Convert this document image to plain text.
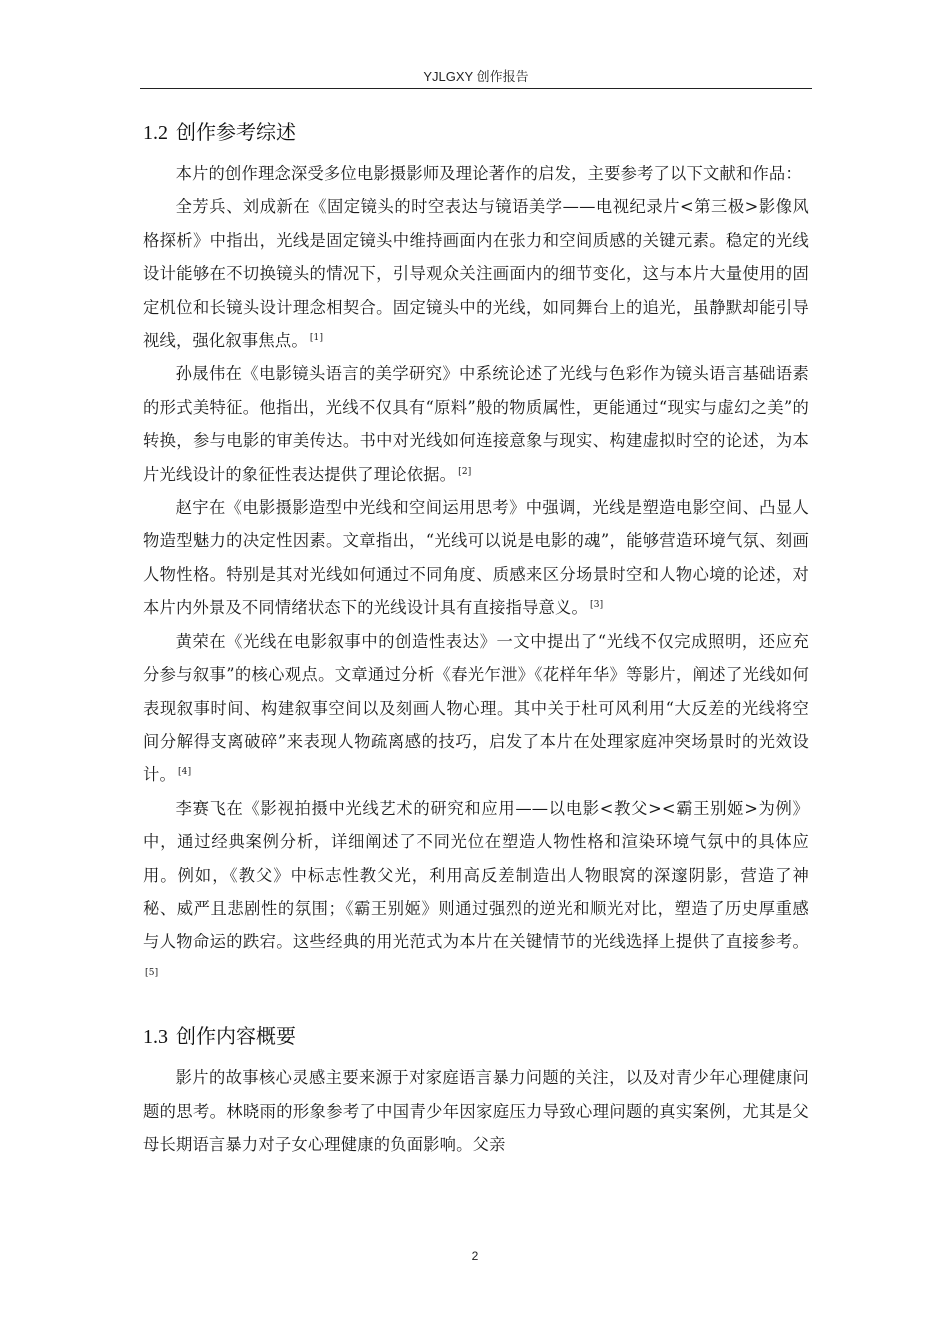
YJLGXY 创作报告
1.2 创作参考综述

本片的创作理念深受多位电影摄影师及理论著作的启发，主要参考了以下文献和作品：

全芳兵、刘成新在《固定镜头的时空表达与镜语美学——电视纪录片<第三极>影像风格探析》中指出，光线是固定镜头中维持画面内在张力和空间质感的关键元素。稳定的光线设计能够在不切换镜头的情况下，引导观众关注画面内的细节变化，这与本片大量使用的固定机位和长镜头设计理念相契合。固定镜头中的光线，如同舞台上的追光，虽静默却能引导视线，强化叙事焦点。 [1]

孙晟伟在《电影镜头语言的美学研究》中系统论述了光线与色彩作为镜头语言基础语素的形式美特征。他指出，光线不仅具有“原料”般的物质属性，更能通过“现实与虚幻之美”的转换，参与电影的审美传达。书中对光线如何连接意象与现实、构建虚拟时空的论述，为本片光线设计的象征性表达提供了理论依据。 [2]

赵宇在《电影摄影造型中光线和空间运用思考》中强调，光线是塑造电影空间、凸显人物造型魅力的决定性因素。文章指出，“光线可以说是电影的魂”，能够营造环境气氛、刻画人物性格。特别是其对光线如何通过不同角度、质感来区分场景时空和人物心境的论述，对本片内外景及不同情绪状态下的光线设计具有直接指导意义。 [3]

黄荣在《光线在电影叙事中的创造性表达》一文中提出了“光线不仅完成照明，还应充分参与叙事”的核心观点。文章通过分析《春光乍泄》《花样年华》等影片，阐述了光线如何表现叙事时间、构建叙事空间以及刻画人物心理。其中关于杜可风利用“大反差的光线将空间分解得支离破碎”来表现人物疏离感的技巧，启发了本片在处理家庭冲突场景时的光效设计。 [4]

李赛飞在《影视拍摄中光线艺术的研究和应用——以电影<教父><霸王别姬>为例》中，通过经典案例分析，详细阐述了不同光位在塑造人物性格和渲染环境气氛中的具体应用。例如，《教父》中标志性教父光，利用高反差制造出人物眼窝的深邃阴影，营造了神秘、威严且悲剧性的氛围；《霸王别姬》则通过强烈的逆光和顺光对比，塑造了历史厚重感与人物命运的跌宕。这些经典的用光范式为本片在关键情节的光线选择上提供了直接参考。[5]

1.3 创作内容概要

影片的故事核心灵感主要来源于对家庭语言暴力问题的关注，以及对青少年心理健康问题的思考。林晓雨的形象参考了中国青少年因家庭压力导致心理问题的真实案例，尤其是父母长期语言暴力对子女心理健康的负面影响。父亲

2
